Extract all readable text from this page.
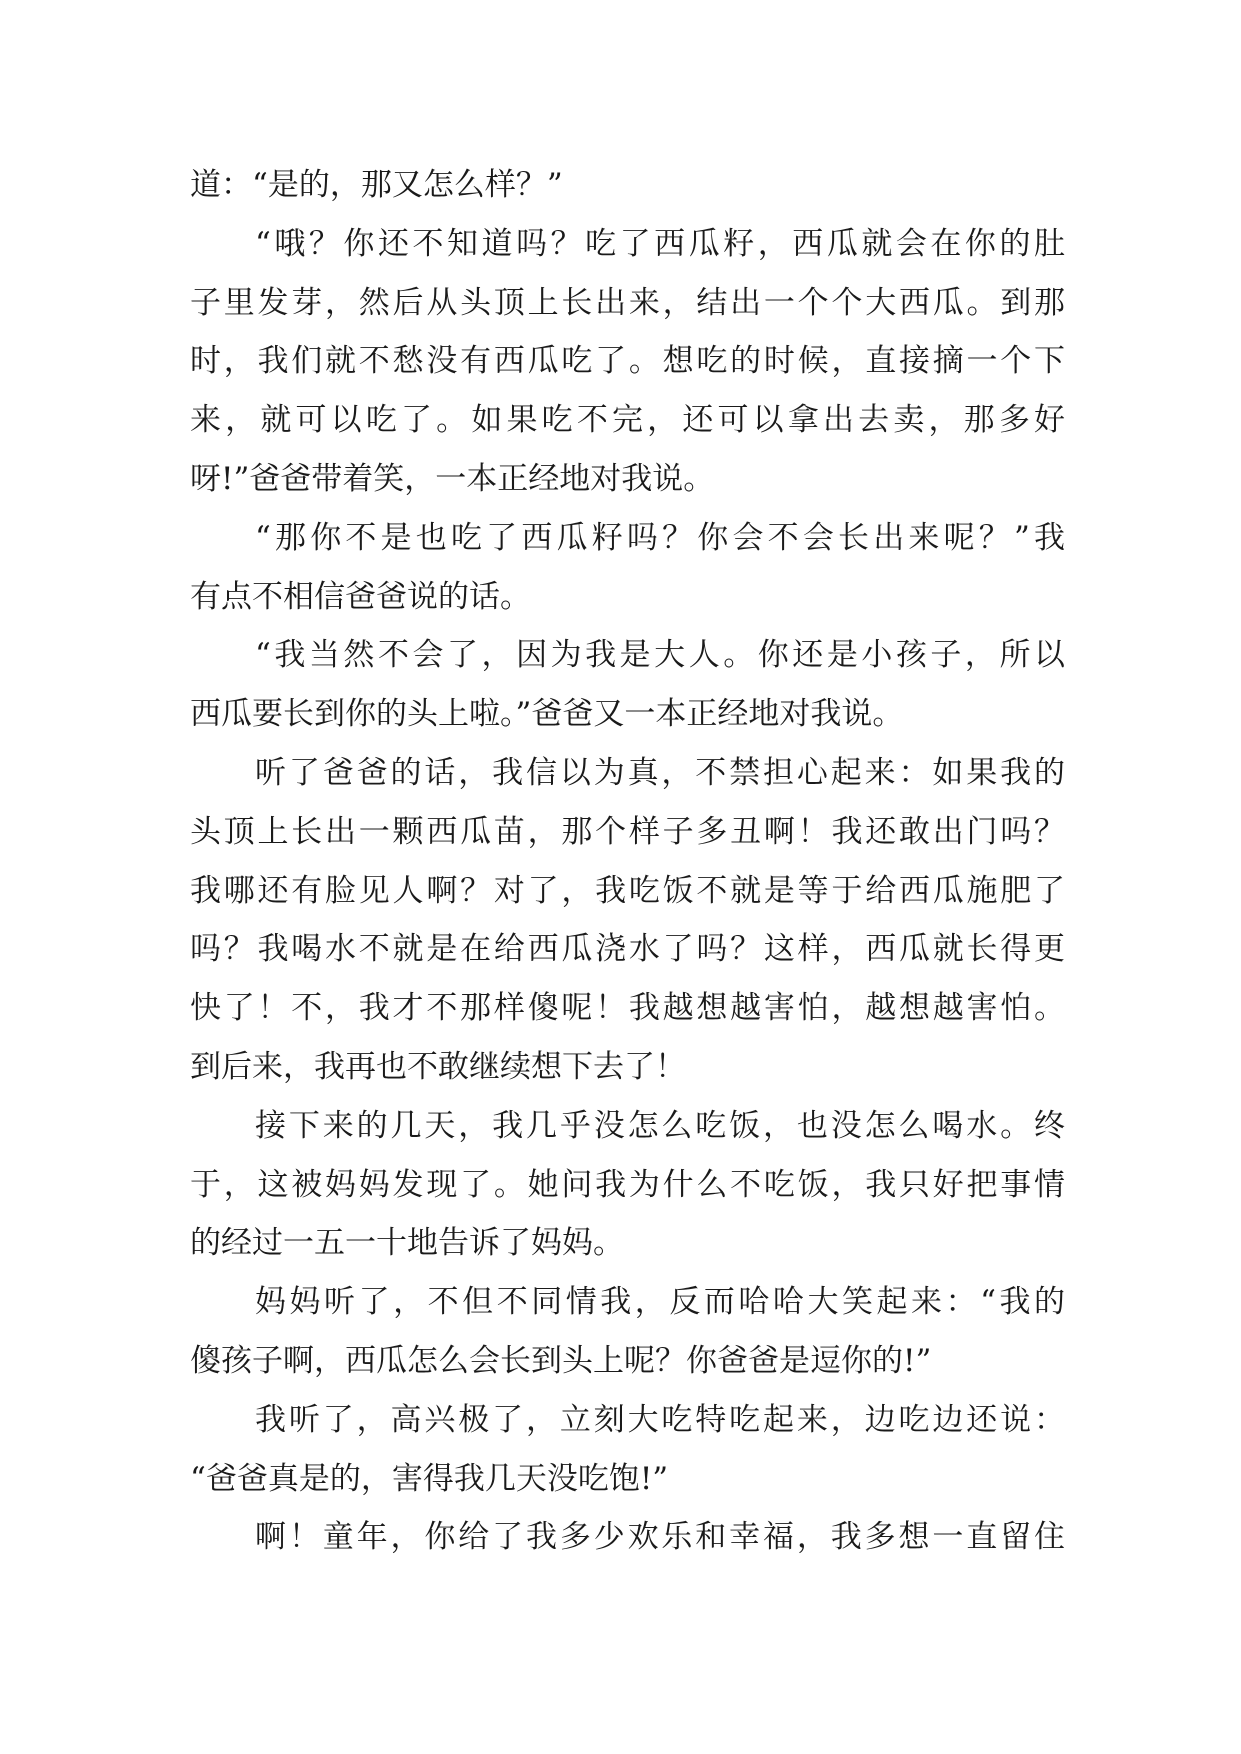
道：“是的，那又怎么样？”
“哦？你还不知道吗？吃了西瓜籽，西瓜就会在你的肚
子里发芽，然后从头顶上长出来，结出一个个大西瓜。到那
时，我们就不愁没有西瓜吃了。想吃的时候，直接摘一个下
来，就可以吃了。如果吃不完，还可以拿出去卖，那多好
呀!”爸爸带着笑，一本正经地对我说。
“那你不是也吃了西瓜籽吗？你会不会长出来呢？”我
有点不相信爸爸说的话。
“我当然不会了，因为我是大人。你还是小孩子，所以
西瓜要长到你的头上啦。”爸爸又一本正经地对我说。
听了爸爸的话，我信以为真，不禁担心起来：如果我的
头顶上长出一颗西瓜苗，那个样子多丑啊！我还敢出门吗？
我哪还有脸见人啊？对了，我吃饭不就是等于给西瓜施肥了
吗？我喝水不就是在给西瓜浇水了吗？这样，西瓜就长得更
快了！不，我才不那样傻呢！我越想越害怕，越想越害怕。
到后来，我再也不敢继续想下去了！
接下来的几天，我几乎没怎么吃饭，也没怎么喝水。终
于，这被妈妈发现了。她问我为什么不吃饭，我只好把事情
的经过一五一十地告诉了妈妈。
妈妈听了，不但不同情我，反而哈哈大笑起来：“我的
傻孩子啊，西瓜怎么会长到头上呢？你爸爸是逗你的!”
我听了，高兴极了，立刻大吃特吃起来，边吃边还说：
“爸爸真是的，害得我几天没吃饱!”
啊！童年，你给了我多少欢乐和幸福，我多想一直留住
